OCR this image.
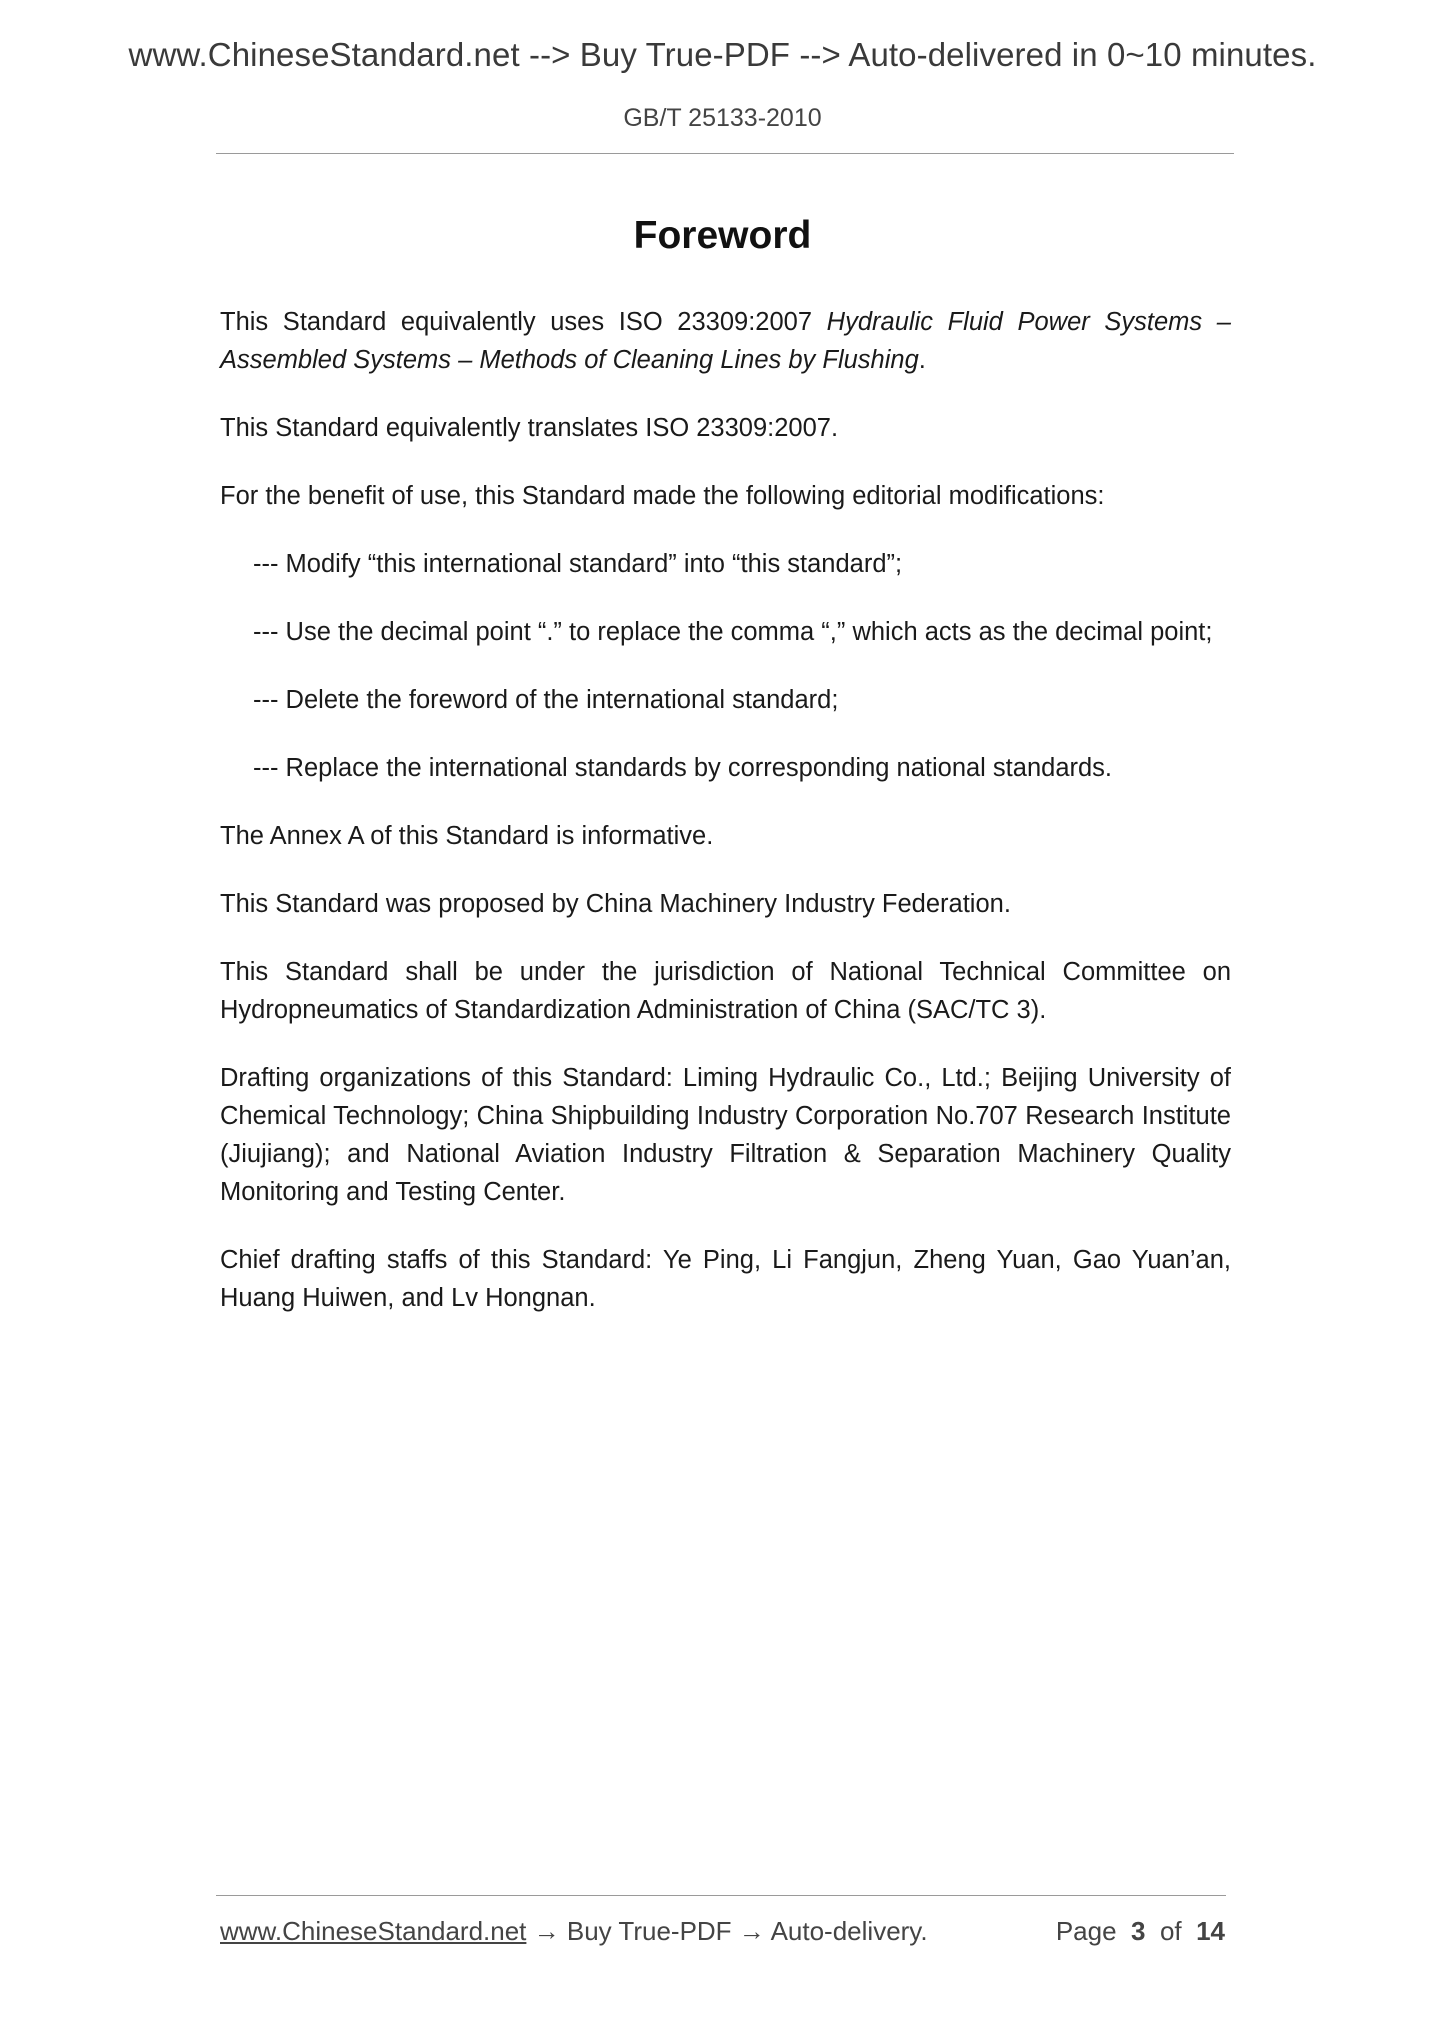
www.ChineseStandard.net --> Buy True-PDF --> Auto-delivered in 0~10 minutes.
GB/T 25133-2010
Foreword

This Standard equivalently uses ISO 23309:2007 Hydraulic Fluid Power Systems – Assembled Systems – Methods of Cleaning Lines by Flushing.

This Standard equivalently translates ISO 23309:2007.

For the benefit of use, this Standard made the following editorial modifications:

--- Modify “this international standard” into “this standard”;

--- Use the decimal point “.” to replace the comma “,” which acts as the decimal point;

--- Delete the foreword of the international standard;

--- Replace the international standards by corresponding national standards.

The Annex A of this Standard is informative.

This Standard was proposed by China Machinery Industry Federation.

This Standard shall be under the jurisdiction of National Technical Committee on Hydropneumatics of Standardization Administration of China (SAC/TC 3).

Drafting organizations of this Standard: Liming Hydraulic Co., Ltd.; Beijing University of Chemical Technology; China Shipbuilding Industry Corporation No.707 Research Institute (Jiujiang); and National Aviation Industry Filtration & Separation Machinery Quality Monitoring and Testing Center.

Chief drafting staffs of this Standard: Ye Ping, Li Fangjun, Zheng Yuan, Gao Yuan’an, Huang Huiwen, and Lv Hongnan.

www.ChineseStandard.net → Buy True-PDF → Auto-delivery.	Page 3 of 14
